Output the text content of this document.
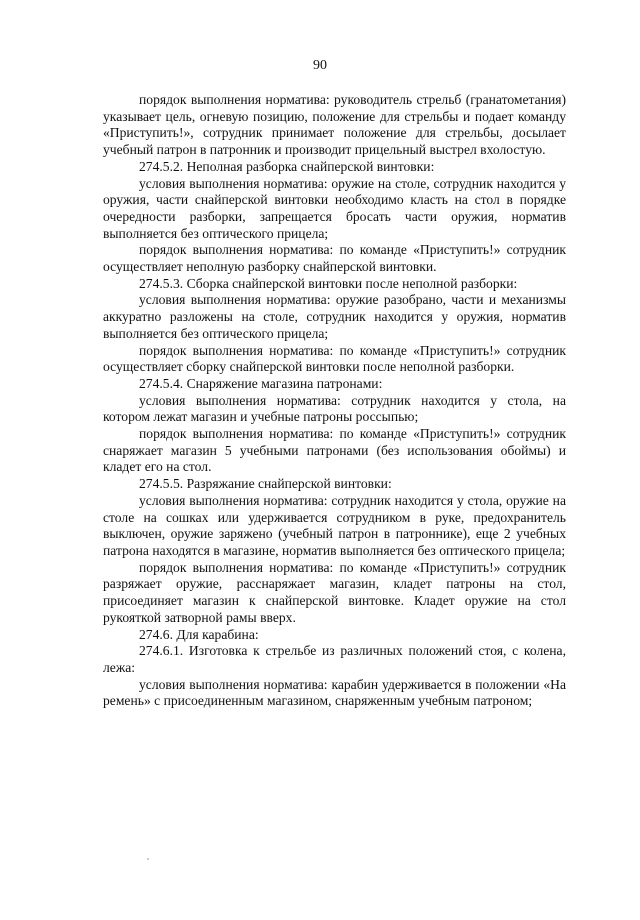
90

порядок выполнения норматива: руководитель стрельб (гранатометания) указывает цель, огневую позицию, положение для стрельбы и подает команду «Приступить!», сотрудник принимает положение для стрельбы, досылает учебный патрон в патронник и производит прицельный выстрел вхолостую.

274.5.2. Неполная разборка снайперской винтовки:

условия выполнения норматива: оружие на столе, сотрудник находится у оружия, части снайперской винтовки необходимо класть на стол в порядке очередности разборки, запрещается бросать части оружия, норматив выполняется без оптического прицела;

порядок выполнения норматива: по команде «Приступить!» сотрудник осуществляет неполную разборку снайперской винтовки.

274.5.3. Сборка снайперской винтовки после неполной разборки:

условия выполнения норматива: оружие разобрано, части и механизмы аккуратно разложены на столе, сотрудник находится у оружия, норматив выполняется без оптического прицела;

порядок выполнения норматива: по команде «Приступить!» сотрудник осуществляет сборку снайперской винтовки после неполной разборки.

274.5.4. Снаряжение магазина патронами:

условия выполнения норматива: сотрудник находится у стола, на котором лежат магазин и учебные патроны россыпью;

порядок выполнения норматива: по команде «Приступить!» сотрудник снаряжает магазин 5 учебными патронами (без использования обоймы) и кладет его на стол.

274.5.5. Разряжание снайперской винтовки:

условия выполнения норматива: сотрудник находится у стола, оружие на столе на сошках или удерживается сотрудником в руке, предохранитель выключен, оружие заряжено (учебный патрон в патроннике), еще 2 учебных патрона находятся в магазине, норматив выполняется без оптического прицела;

порядок выполнения норматива: по команде «Приступить!» сотрудник разряжает оружие, расснаряжает магазин, кладет патроны на стол, присоединяет магазин к снайперской винтовке. Кладет оружие на стол рукояткой затворной рамы вверх.

274.6. Для карабина:

274.6.1. Изготовка к стрельбе из различных положений стоя, с колена, лежа:

условия выполнения норматива: карабин удерживается в положении «На ремень» с присоединенным магазином, снаряженным учебным патроном;
